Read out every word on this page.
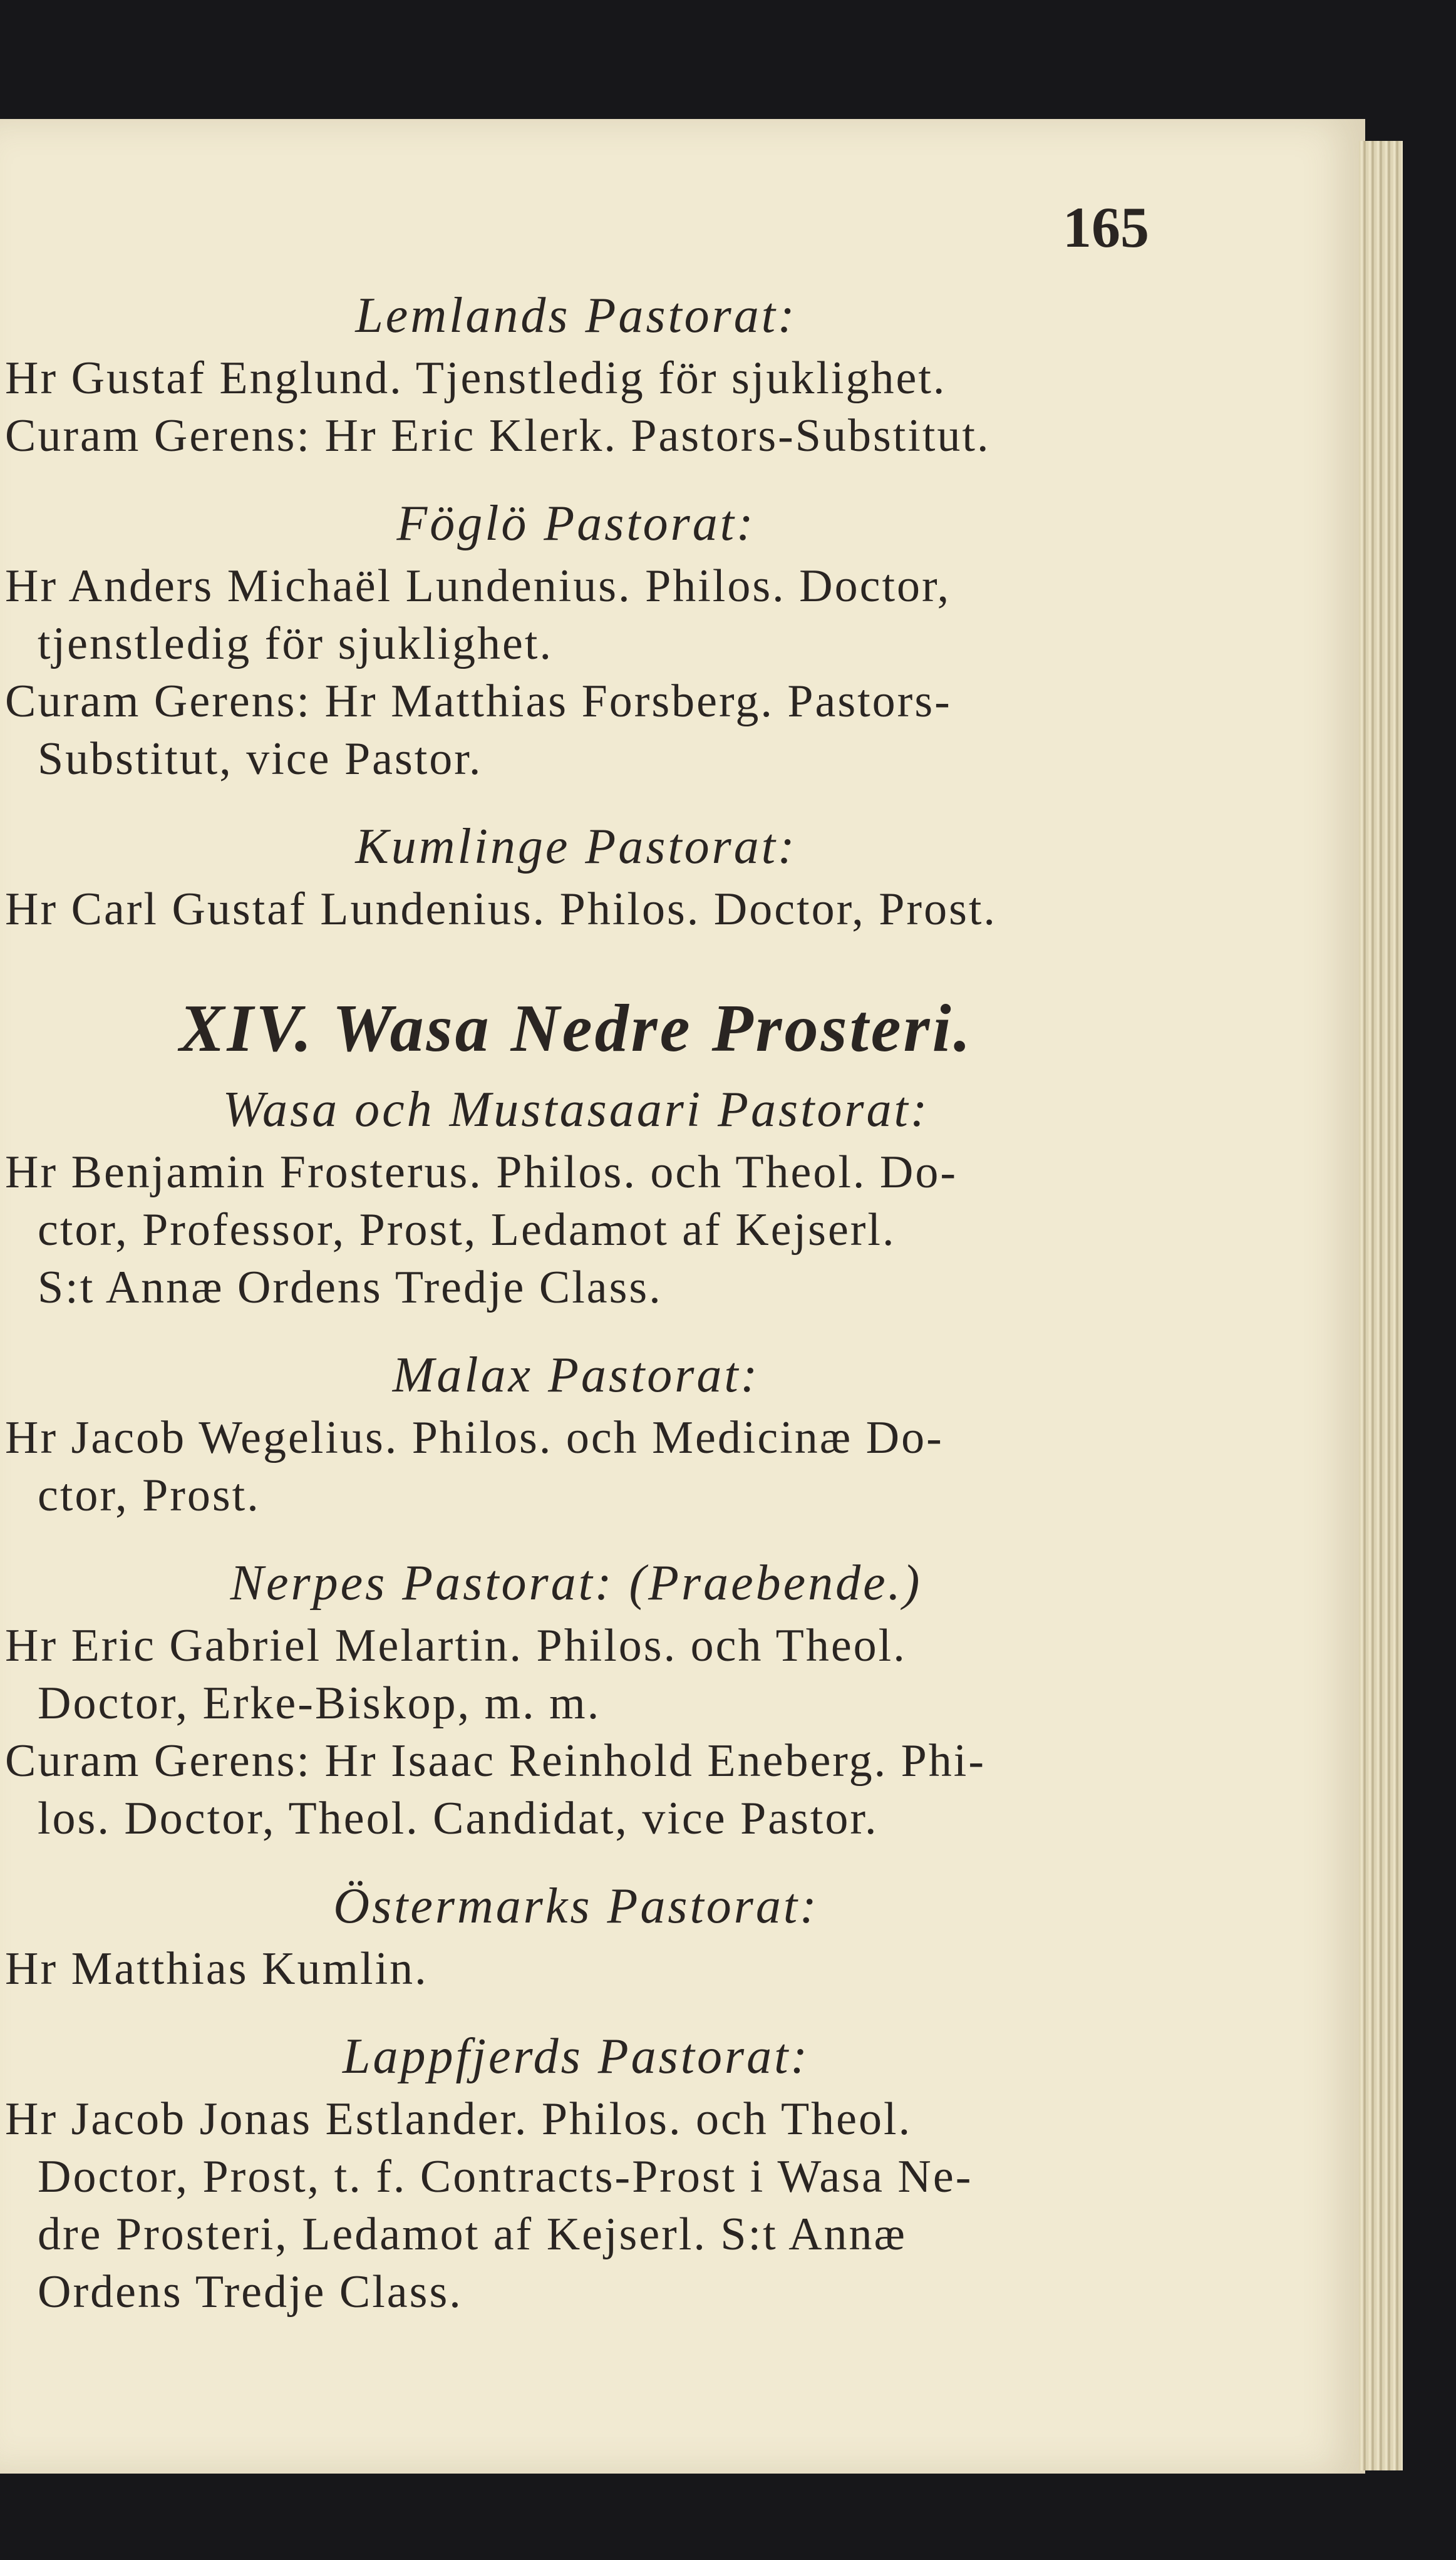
165
Lemlands Pastorat:
Hr Gustaf Englund. Tjenstledig för sjuklighet.
Curam Gerens: Hr Eric Klerk. Pastors-Substitut.
Föglö Pastorat:
Hr Anders Michaël Lundenius. Philos. Doctor,
tjenstledig för sjuklighet.
Curam Gerens: Hr Matthias Forsberg. Pastors-
Substitut, vice Pastor.
Kumlinge Pastorat:
Hr Carl Gustaf Lundenius. Philos. Doctor, Prost.
XIV. Wasa Nedre Prosteri.
Wasa och Mustasaari Pastorat:
Hr Benjamin Frosterus. Philos. och Theol. Do-
ctor, Professor, Prost, Ledamot af Kejserl.
S:t Annæ Ordens Tredje Class.
Malax Pastorat:
Hr Jacob Wegelius. Philos. och Medicinæ Do-
ctor, Prost.
Nerpes Pastorat: (Praebende.)
Hr Eric Gabriel Melartin. Philos. och Theol.
Doctor, Erke-Biskop, m. m.
Curam Gerens: Hr Isaac Reinhold Eneberg. Phi-
los. Doctor, Theol. Candidat, vice Pastor.
Östermarks Pastorat:
Hr Matthias Kumlin.
Lappfjerds Pastorat:
Hr Jacob Jonas Estlander. Philos. och Theol.
Doctor, Prost, t. f. Contracts-Prost i Wasa Ne-
dre Prosteri, Ledamot af Kejserl. S:t Annæ
Ordens Tredje Class.
